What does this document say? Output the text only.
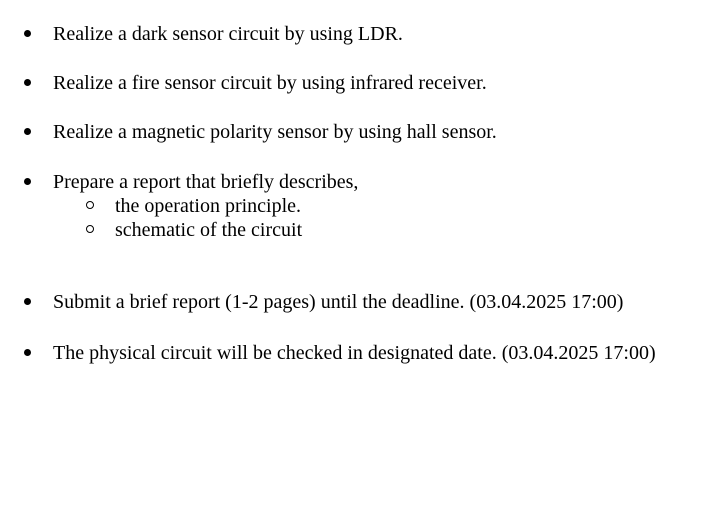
Realize a dark sensor circuit by using LDR.
Realize a fire sensor circuit by using infrared receiver.
Realize a magnetic polarity sensor by using hall sensor.
Prepare a report that briefly describes,
the operation principle.
schematic of the circuit
Submit a brief report (1-2 pages) until the deadline. (03.04.2025 17:00)
The physical circuit will be checked in designated date. (03.04.2025 17:00)
